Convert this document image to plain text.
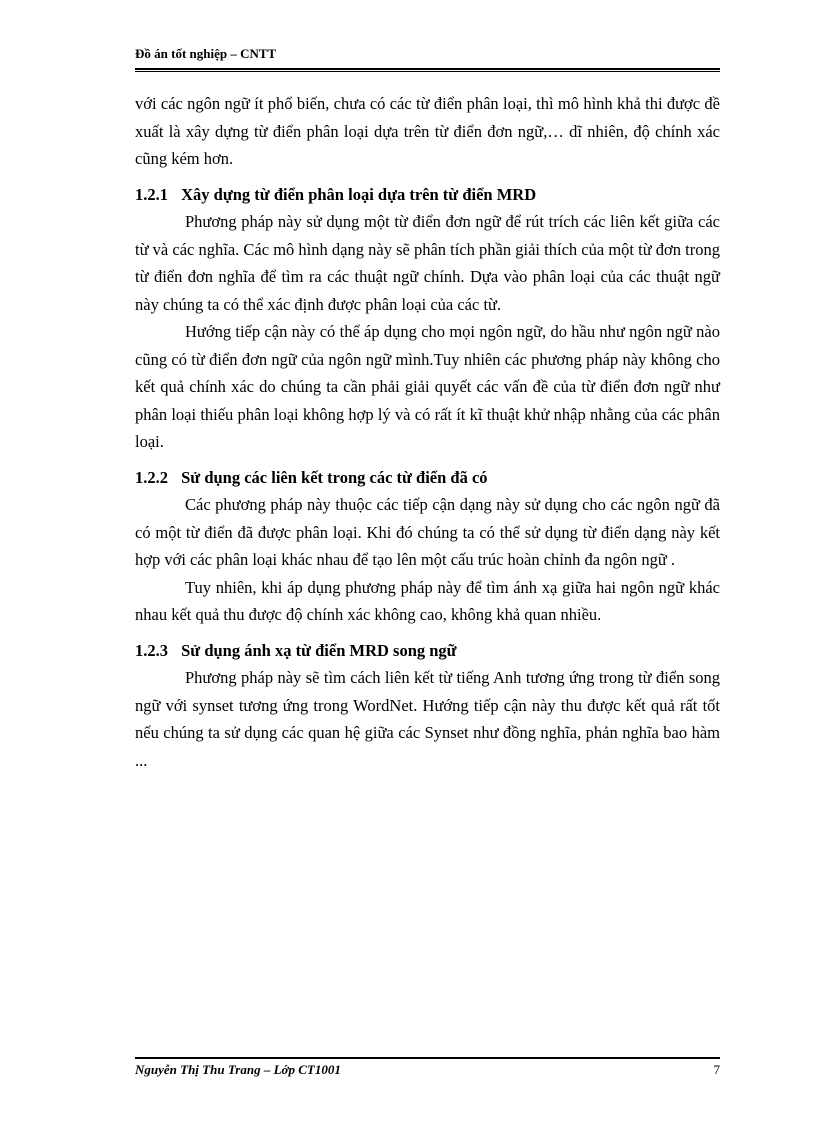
Đồ án tốt nghiệp – CNTT

với các ngôn ngữ ít phổ biến, chưa có các từ điển phân loại, thì mô hình khả thi được đề xuất là xây dựng từ điển phân loại dựa trên từ điển đơn ngữ,… dĩ nhiên, độ chính xác cũng kém hơn.

1.2.1 Xây dựng từ điển phân loại dựa trên từ điển MRD

Phương pháp này sử dụng một từ điển đơn ngữ để rút trích các liên kết giữa các từ và các nghĩa. Các mô hình dạng này sẽ phân tích phần giải thích của một từ đơn trong từ điển đơn nghĩa để tìm ra các thuật ngữ chính. Dựa vào phân loại của các thuật ngữ này chúng ta có thể xác định được phân loại của các từ.

Hướng tiếp cận này có thể áp dụng cho mọi ngôn ngữ, do hầu như ngôn ngữ nào cũng có từ điển đơn ngữ của ngôn ngữ mình.Tuy nhiên các phương pháp này không cho kết quả chính xác do chúng ta cần phải giải quyết các vấn đề của từ điển đơn ngữ như phân loại thiếu phân loại không hợp lý và có rất ít kĩ thuật khử nhập nhằng của các phân loại.

1.2.2 Sử dụng các liên kết trong các từ điển đã có

Các phương pháp này thuộc các tiếp cận dạng này sử dụng cho các ngôn ngữ đã có một từ điển đã được phân loại. Khi đó chúng ta có thể sử dụng từ điển dạng này kết hợp với các phân loại khác nhau để tạo lên một cấu trúc hoàn chỉnh đa ngôn ngữ .

Tuy nhiên, khi áp dụng phương pháp này để tìm ánh xạ giữa hai ngôn ngữ khác nhau kết quả thu được độ chính xác không cao, không khả quan nhiều.

1.2.3 Sử dụng ánh xạ từ điển MRD song ngữ

Phương pháp này sẽ tìm cách liên kết từ tiếng Anh tương ứng trong từ điển song ngữ với synset tương ứng trong WordNet. Hướng tiếp cận này thu được kết quả rất tốt nếu chúng ta sử dụng các quan hệ giữa các Synset như đồng nghĩa, phản nghĩa bao hàm ...

Nguyễn Thị Thu Trang – Lớp CT1001	7
